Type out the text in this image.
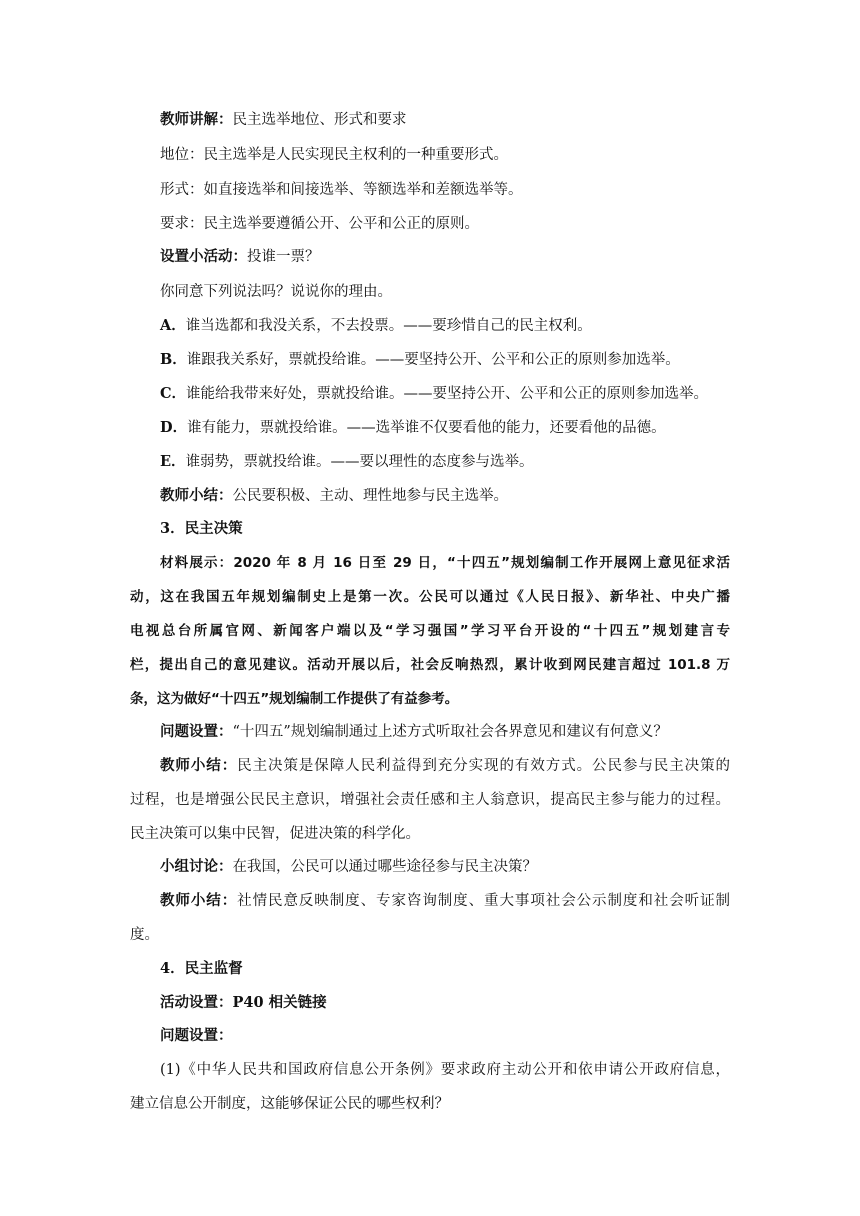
教师讲解：民主选举地位、形式和要求
地位：民主选举是人民实现民主权利的一种重要形式。
形式：如直接选举和间接选举、等额选举和差额选举等。
要求：民主选举要遵循公开、公平和公正的原则。
设置小活动：投谁一票？
你同意下列说法吗？说说你的理由。
A．谁当选都和我没关系，不去投票。——要珍惜自己的民主权利。
B．谁跟我关系好，票就投给谁。——要坚持公开、公平和公正的原则参加选举。
C．谁能给我带来好处，票就投给谁。——要坚持公开、公平和公正的原则参加选举。
D．谁有能力，票就投给谁。——选举谁不仅要看他的能力，还要看他的品德。
E．谁弱势，票就投给谁。——要以理性的态度参与选举。
教师小结：公民要积极、主动、理性地参与民主选举。
3．民主决策
材料展示：2020 年 8 月 16 日至 29 日，“十四五”规划编制工作开展网上意见征求活
动，这在我国五年规划编制史上是第一次。公民可以通过《人民日报》、新华社、中央广播
电视总台所属官网、新闻客户端以及“学习强国”学习平台开设的“十四五”规划建言专
栏，提出自己的意见建议。活动开展以后，社会反响热烈，累计收到网民建言超过 101.8 万
条，这为做好“十四五”规划编制工作提供了有益参考。
问题设置：“十四五”规划编制通过上述方式听取社会各界意见和建议有何意义？
教师小结：民主决策是保障人民利益得到充分实现的有效方式。公民参与民主决策的
过程，也是增强公民民主意识，增强社会责任感和主人翁意识，提高民主参与能力的过程。
民主决策可以集中民智，促进决策的科学化。
小组讨论：在我国，公民可以通过哪些途径参与民主决策？
教师小结：社情民意反映制度、专家咨询制度、重大事项社会公示制度和社会听证制
度。
4．民主监督
活动设置：P40 相关链接
问题设置：
(1)《中华人民共和国政府信息公开条例》要求政府主动公开和依申请公开政府信息，
建立信息公开制度，这能够保证公民的哪些权利？
